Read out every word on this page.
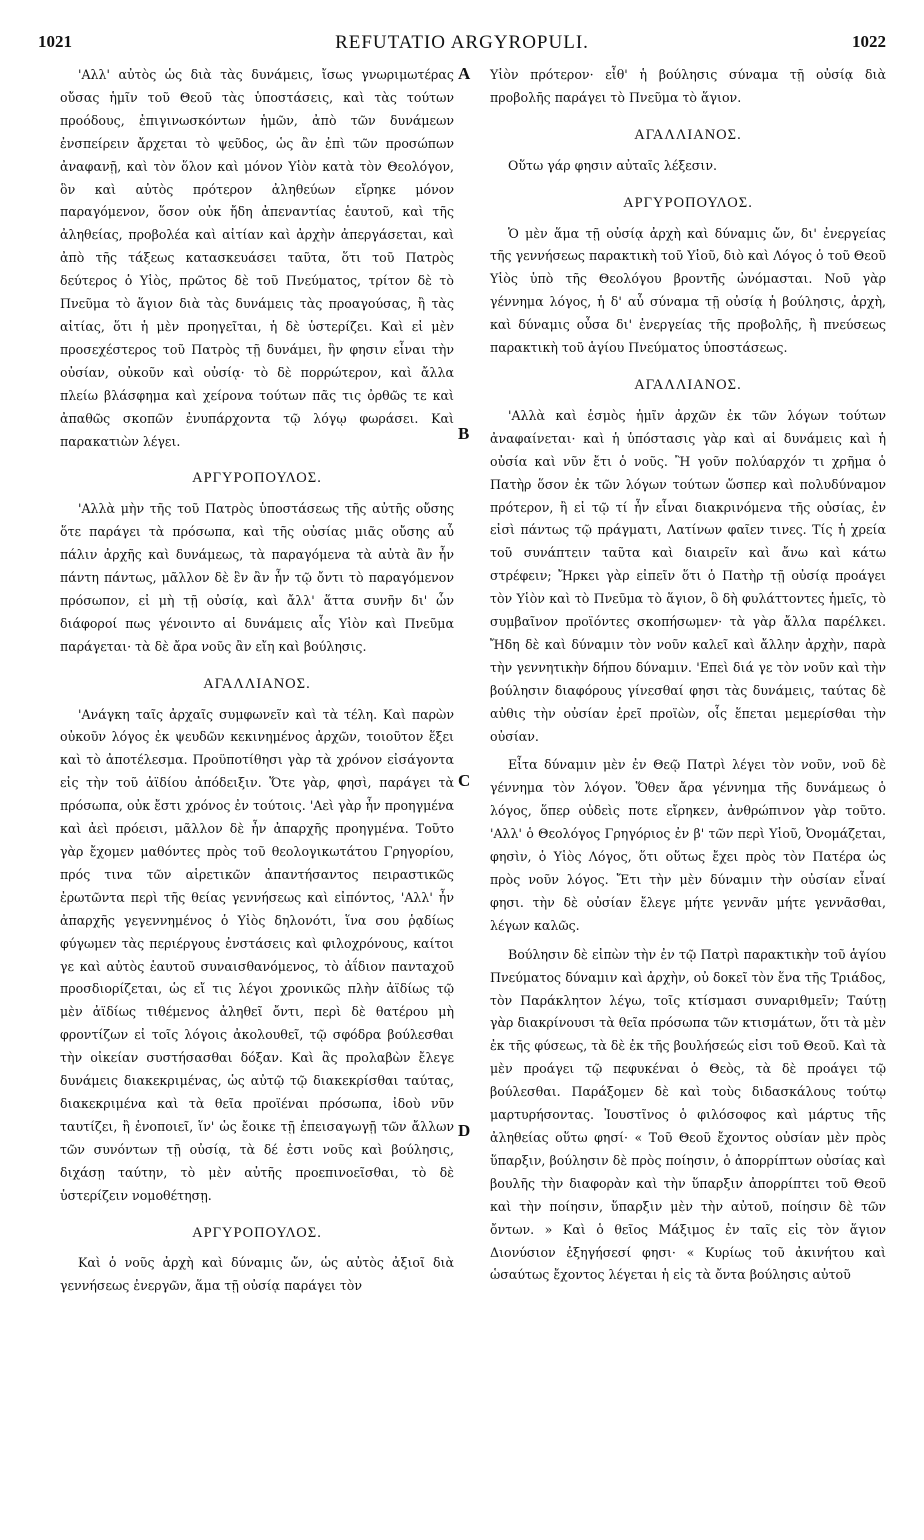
1021	REFUTATIO ARGYROPULI.	1022

'Αλλ' αὐτὸς ὡς διὰ τὰς δυνάμεις, ἴσως γνωριμωτέρας οὔσας ἡμῖν τοῦ Θεοῦ τὰς ὑποστάσεις, καὶ τὰς τούτων προόδους, ἐπιγινωσκόντων ἡμῶν, ἀπὸ τῶν δυνάμεων ἐνσπείρειν ἄρχεται τὸ ψεῦδος, ὡς ἂν ἐπὶ τῶν προσώπων ἀναφανῇ, καὶ τὸν ὅλον καὶ μόνον Υἱὸν κατὰ τὸν Θεολόγον, ὃν καὶ αὐτὸς πρότερον ἀληθεύων εἴρηκε μόνον παραγόμενον, ὅσον οὐκ ἤδη ἀπεναντίας ἑαυτοῦ, καὶ τῆς ἀληθείας, προβολέα καὶ αἰτίαν καὶ ἀρχὴν ἀπεργάσεται, καὶ ἀπὸ τῆς τάξεως κατασκευάσει ταῦτα, ὅτι τοῦ Πατρὸς δεύτερος ὁ Υἱὸς, πρῶτος δὲ τοῦ Πνεύματος, τρίτον δὲ τὸ Πνεῦμα τὸ ἅγιον διὰ τὰς δυνάμεις τὰς προαγούσας, ἢ τὰς αἰτίας, ὅτι ἡ μὲν προηγεῖται, ἡ δὲ ὑστερίζει. Καὶ εἰ μὲν προσεχέστερος τοῦ Πατρὸς τῇ δυνάμει, ἣν φησιν εἶναι τὴν οὐσίαν, οὐκοῦν καὶ οὐσίᾳ· τὸ δὲ πορρώτερον, καὶ ἄλλα πλείω βλάσφημα καὶ χείρονα τούτων πᾶς τις ὀρθῶς τε καὶ ἀπαθῶς σκοπῶν ἐνυπάρχοντα τῷ λόγῳ φωράσει. Καὶ παρακατιὼν λέγει.

ΑΡΓΥΡΟΠΟΥΛΟΣ.

'Αλλὰ μὴν τῆς τοῦ Πατρὸς ὑποστάσεως τῆς αὐτῆς οὔσης ὅτε παράγει τὰ πρόσωπα, καὶ τῆς οὐσίας μιᾶς οὔσης αὖ πάλιν ἀρχῆς καὶ δυνάμεως, τὰ παραγόμενα τὰ αὐτὰ ἂν ἦν πάντη πάντως, μᾶλλον δὲ ἓν ἂν ἦν τῷ ὄντι τὸ παραγόμενον πρόσωπον, εἰ μὴ τῇ οὐσίᾳ, καὶ ἄλλ' ἅττα συνῆν δι' ὧν διάφοροί πως γένοιντο αἱ δυνάμεις αἷς Υἱὸν καὶ Πνεῦμα παράγεται· τὰ δὲ ἄρα νοῦς ἂν εἴη καὶ βούλησις.

ΑΓΑΛΛΙΑΝΟΣ.

'Ανάγκη ταῖς ἀρχαῖς συμφωνεῖν καὶ τὰ τέλη. Καὶ παρὼν οὐκοῦν λόγος ἐκ ψευδῶν κεκινημένος ἀρχῶν, τοιοῦτον ἕξει καὶ τὸ ἀποτέλεσμα. Προϋποτίθησι γὰρ τὰ χρόνον εἰσάγοντα εἰς τὴν τοῦ ἀϊδίου ἀπόδειξιν. Ὅτε γὰρ, φησὶ, παράγει τὰ πρόσωπα, οὐκ ἔστι χρόνος ἐν τούτοις. 'Αεὶ γὰρ ἦν προηγμένα καὶ ἀεὶ πρόεισι, μᾶλλον δὲ ἦν ἀπαρχῆς προηγμένα. Τοῦτο γὰρ ἔχομεν μαθόντες πρὸς τοῦ θεολογικωτάτου Γρηγορίου, πρός τινα τῶν αἱρετικῶν ἀπαντήσαντος πειραστικῶς ἐρωτῶντα περὶ τῆς θείας γεννήσεως καὶ εἰπόντος, 'Αλλ' ἦν ἀπαρχῆς γεγεννημένος ὁ Υἱὸς δηλονότι, ἵνα σου ῥᾳδίως φύγωμεν τὰς περιέργους ἐνστάσεις καὶ φιλοχρόνους, καίτοι γε καὶ αὐτὸς ἑαυτοῦ συναισθανόμενος, τὸ ἀΐδιον πανταχοῦ προσδιορίζεται, ὡς εἴ τις λέγοι χρονικῶς πλὴν ἀϊδίως τῷ μὲν ἀϊδίως τιθέμενος ἀληθεῖ ὄντι, περὶ δὲ θατέρου μὴ φροντίζων εἰ τοῖς λόγοις ἀκολουθεῖ, τῷ σφόδρα βούλεσθαι τὴν οἰκείαν συστήσασθαι δόξαν. Καὶ ἃς προλαβὼν ἔλεγε δυνάμεις διακεκριμένας, ὡς αὐτῷ τῷ διακεκρίσθαι ταύτας, διακεκριμένα καὶ τὰ θεῖα προϊέναι πρόσωπα, ἰδοὺ νῦν ταυτίζει, ἢ ἑνοποιεῖ, ἵν' ὡς ἔοικε τῇ ἐπεισαγωγῇ τῶν ἄλλων τῶν συνόντων τῇ οὐσίᾳ, τὰ δέ ἐστι νοῦς καὶ βούλησις, διχάσῃ ταύτην, τὸ μὲν αὐτῆς προεπινοεῖσθαι, τὸ δὲ ὑστερίζειν νομοθέτησῃ.

ΑΡΓΥΡΟΠΟΥΛΟΣ.

Καὶ ὁ νοῦς ἀρχὴ καὶ δύναμις ὤν, ὡς αὐτὸς ἀξιοῖ διὰ γεννήσεως ἐνεργῶν, ἅμα τῇ οὐσίᾳ παράγει τὸν

Υἱὸν πρότερον· εἶθ' ἡ βούλησις σύναμα τῇ οὐσίᾳ διὰ προβολῆς παράγει τὸ Πνεῦμα τὸ ἅγιον.

ΑΓΑΛΛΙΑΝΟΣ.

Οὕτω γάρ φησιν αὐταῖς λέξεσιν.

ΑΡΓΥΡΟΠΟΥΛΟΣ.

Ὁ μὲν ἅμα τῇ οὐσίᾳ ἀρχὴ καὶ δύναμις ὤν, δι' ἐνεργείας τῆς γεννήσεως παρακτικὴ τοῦ Υἱοῦ, διὸ καὶ Λόγος ὁ τοῦ Θεοῦ Υἱὸς ὑπὸ τῆς Θεολόγου βροντῆς ὠνόμασται. Νοῦ γὰρ γέννημα λόγος, ἡ δ' αὖ σύναμα τῇ οὐσίᾳ ἡ βούλησις, ἀρχὴ, καὶ δύναμις οὖσα δι' ἐνεργείας τῆς προβολῆς, ἢ πνεύσεως παρακτικὴ τοῦ ἁγίου Πνεύματος ὑποστάσεως.

ΑΓΑΛΛΙΑΝΟΣ.

'Αλλὰ καὶ ἑσμὸς ἡμῖν ἀρχῶν ἐκ τῶν λόγων τούτων ἀναφαίνεται· καὶ ἡ ὑπόστασις γὰρ καὶ αἱ δυνάμεις καὶ ἡ οὐσία καὶ νῦν ἔτι ὁ νοῦς. Ἢ γοῦν πολύαρχόν τι χρῆμα ὁ Πατὴρ ὅσον ἐκ τῶν λόγων τούτων ὥσπερ καὶ πολυδύναμον πρότερον, ἢ εἰ τῷ τί ἦν εἶναι διακρινόμενα τῆς οὐσίας, ἐν εἰσὶ πάντως τῷ πράγματι, Λατίνων φαῖεν τινες. Τίς ἡ χρεία τοῦ συνάπτειν ταῦτα καὶ διαιρεῖν καὶ ἄνω καὶ κάτω στρέφειν; Ἤρκει γὰρ εἰπεῖν ὅτι ὁ Πατὴρ τῇ οὐσίᾳ προάγει τὸν Υἱὸν καὶ τὸ Πνεῦμα τὸ ἅγιον, ὃ δὴ φυλάττοντες ἡμεῖς, τὸ συμβαῖνον προϊόντες σκοπήσωμεν· τὰ γὰρ ἄλλα παρέλκει. Ἤδη δὲ καὶ δύναμιν τὸν νοῦν καλεῖ καὶ ἄλλην ἀρχὴν, παρὰ τὴν γεννητικὴν δήπου δύναμιν. 'Επεὶ διά γε τὸν νοῦν καὶ τὴν βούλησιν διαφόρους γίνεσθαί φησι τὰς δυνάμεις, ταύτας δὲ αὐθις τὴν οὐσίαν ἐρεῖ προϊὼν, οἷς ἕπεται μεμερίσθαι τὴν οὐσίαν.

Εἶτα δύναμιν μὲν ἐν Θεῷ Πατρὶ λέγει τὸν νοῦν, νοῦ δὲ γέννημα τὸν λόγον. Ὅθεν ἄρα γέννημα τῆς δυνάμεως ὁ λόγος, ὅπερ οὐδεὶς ποτε εἴρηκεν, ἀνθρώπινον γὰρ τοῦτο. 'Αλλ' ὁ Θεολόγος Γρηγόριος ἐν β' τῶν περὶ Υἱοῦ, Ὀνομάζεται, φησὶν, ὁ Υἱὸς Λόγος, ὅτι οὕτως ἔχει πρὸς τὸν Πατέρα ὡς πρὸς νοῦν λόγος. Ἔτι τὴν μὲν δύναμιν τὴν οὐσίαν εἶναί φησι. τὴν δὲ οὐσίαν ἔλεγε μήτε γεννᾶν μήτε γεννᾶσθαι, λέγων καλῶς.

Βούλησιν δὲ εἰπὼν τὴν ἐν τῷ Πατρὶ παρακτικὴν τοῦ ἁγίου Πνεύματος δύναμιν καὶ ἀρχὴν, οὐ δοκεῖ τὸν ἕνα τῆς Τριάδος, τὸν Παράκλητον λέγω, τοῖς κτίσμασι συναριθμεῖν; Ταύτῃ γὰρ διακρίνουσι τὰ θεῖα πρόσωπα τῶν κτισμάτων, ὅτι τὰ μὲν ἐκ τῆς φύσεως, τὰ δὲ ἐκ τῆς βουλήσεώς εἰσι τοῦ Θεοῦ. Καὶ τὰ μὲν προάγει τῷ πεφυκέναι ὁ Θεὸς, τὰ δὲ προάγει τῷ βούλεσθαι. Παράξομεν δὲ καὶ τοὺς διδασκάλους τούτῳ μαρτυρήσοντας. Ἰουστῖνος ὁ φιλόσοφος καὶ μάρτυς τῆς ἀληθείας οὕτω φησί· « Τοῦ Θεοῦ ἔχοντος οὐσίαν μὲν πρὸς ὕπαρξιν, βούλησιν δὲ πρὸς ποίησιν, ὁ ἀπορρίπτων οὐσίας καὶ βουλῆς τὴν διαφορὰν καὶ τὴν ὕπαρξιν ἀπορρίπτει τοῦ Θεοῦ καὶ τὴν ποίησιν, ὕπαρξιν μὲν τὴν αὐτοῦ, ποίησιν δὲ τῶν ὄντων. » Καὶ ὁ θεῖος Μάξιμος ἐν ταῖς εἰς τὸν ἅγιον Διονύσιον ἐξηγήσεσί φησι· « Κυρίως τοῦ ἀκινήτου καὶ ὡσαύτως ἔχοντος λέγεται ἡ εἰς τὰ ὄντα βούλησις αὐτοῦ

A
B
C
D
